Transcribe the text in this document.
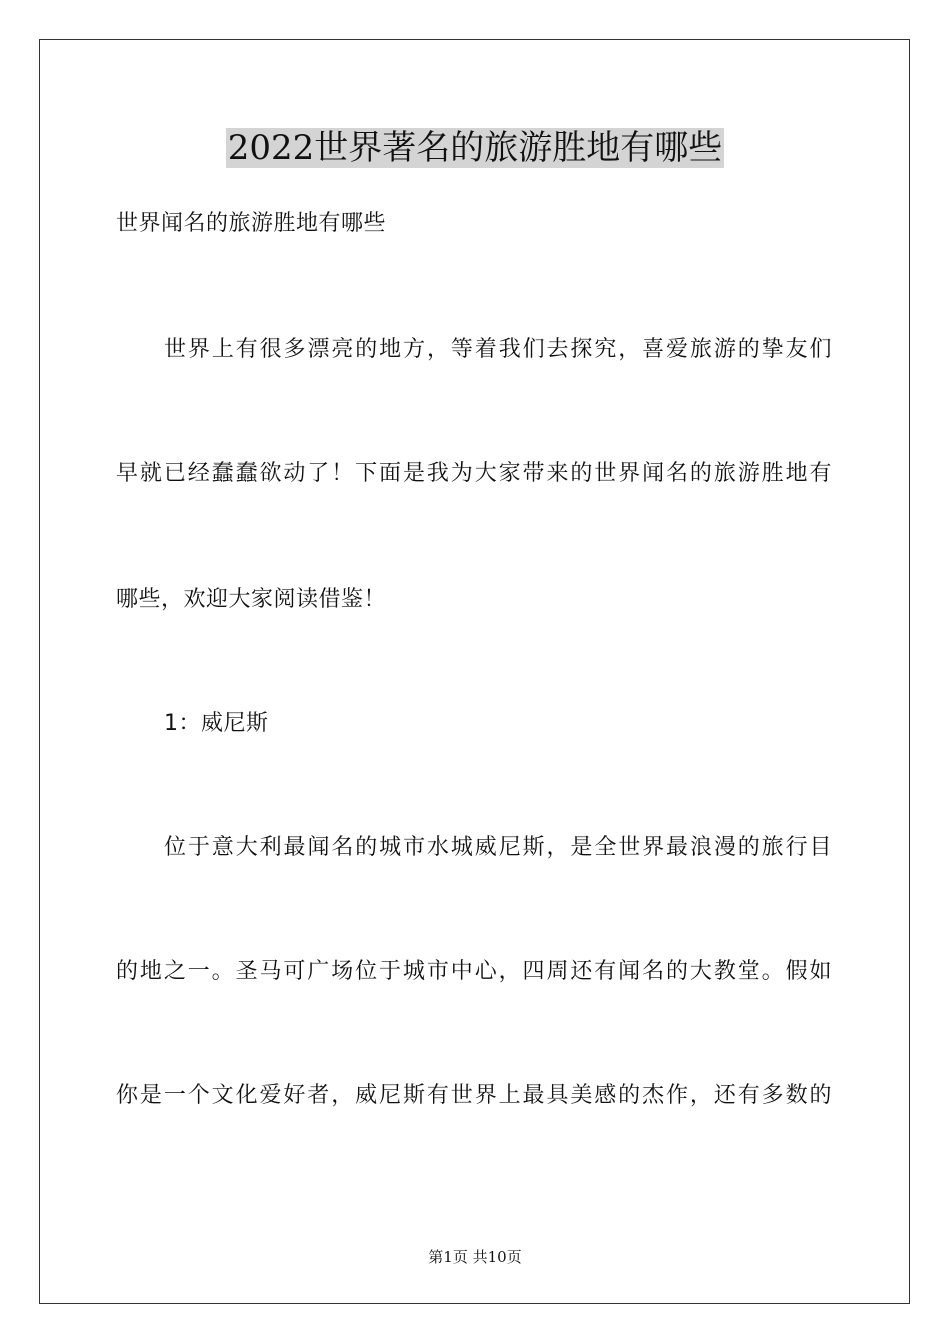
2022世界著名的旅游胜地有哪些

世界闻名的旅游胜地有哪些

世界上有很多漂亮的地方，等着我们去探究，喜爱旅游的挚友们

早就已经蠢蠢欲动了！下面是我为大家带来的世界闻名的旅游胜地有

哪些，欢迎大家阅读借鉴！

1：威尼斯

位于意大利最闻名的城市水城威尼斯，是全世界最浪漫的旅行目

的地之一。圣马可广场位于城市中心，四周还有闻名的大教堂。假如

你是一个文化爱好者，威尼斯有世界上最具美感的杰作，还有多数的

第1页 共10页
